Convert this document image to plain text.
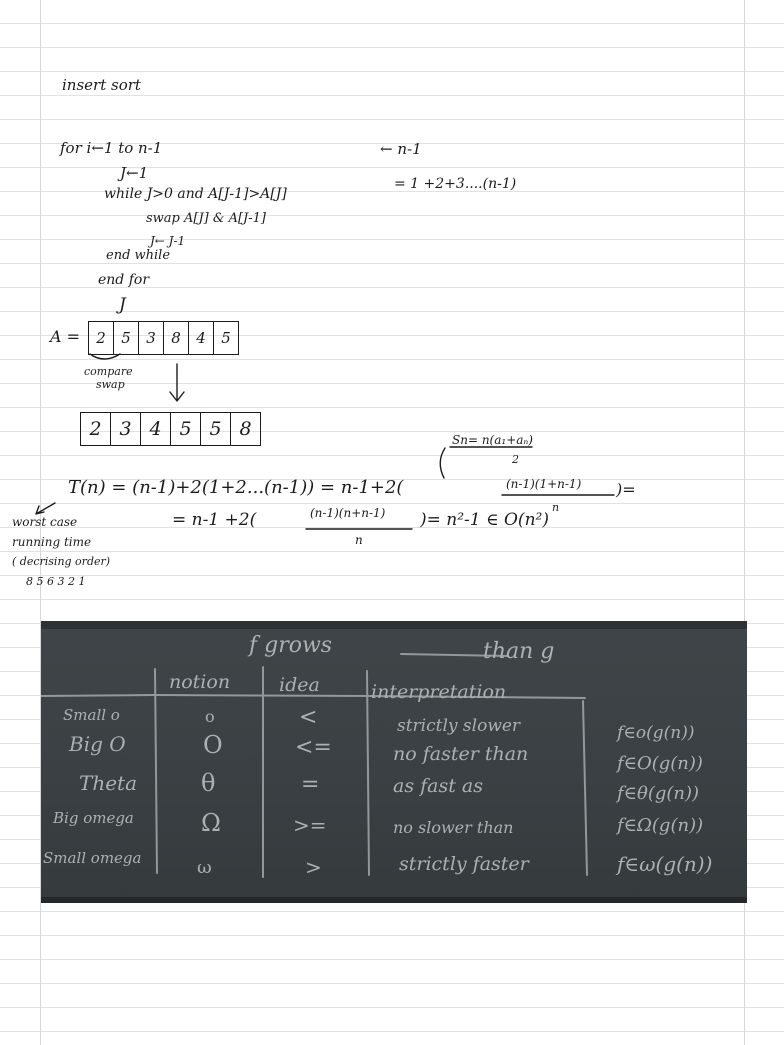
insert sort
for i←1 to n-1
J←1
while J>0 and A[J-1]>A[J]
swap A[J] & A[J-1]
J← J-1
end while
end for
← n-1
= 1 +2+3....(n-1)
J
A =	2	5	3	8	4	5
compare
swap
2 3 4 5 5 8	Sn= n(a₁+aₙ)
2
T(n) = (n-1)+2(1+2...(n-1)) = n-1+2(	(n-1)(1+n-1)
n
)=
= n-1 +2(	(n-1)(n+n-1)
n
)= n²-1 ∈ O(n²)
worst case
running time
( decrising order)
8 5 6 3 2 1
f grows	than g
notion	idea	interpretation
Small o	o	<	strictly slower	f∈o(g(n))
Big O	O	<=	no faster than	f∈O(g(n))
Theta	θ	=	as fast as	f∈θ(g(n))
Big omega	Ω	>=	no slower than	f∈Ω(g(n))
Small omega	ω	>	strictly faster	f∈ω(g(n))
